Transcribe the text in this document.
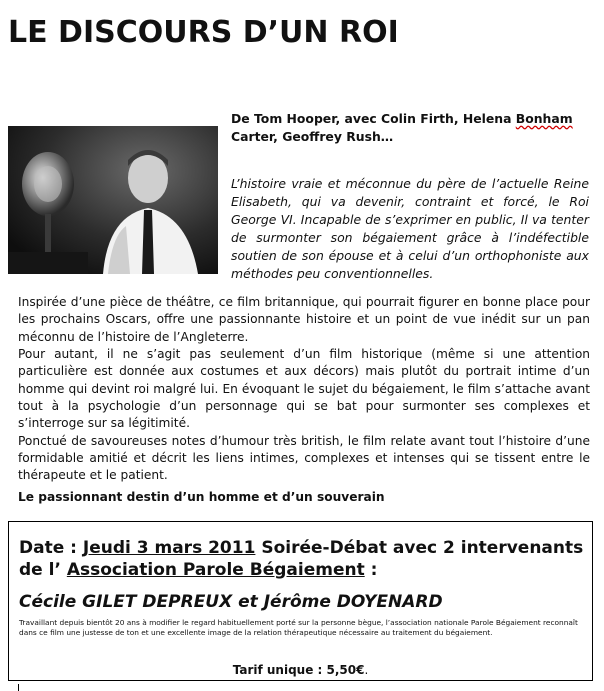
LE DISCOURS D’UN ROI
De Tom Hooper, avec Colin Firth, Helena Bonham Carter, Geoffrey Rush…
L’histoire vraie et méconnue du père de l’actuelle Reine Elisabeth, qui va devenir, contraint et forcé, le Roi George VI. Incapable de s’exprimer en public, Il va tenter de surmonter son bégaiement grâce à l’indéfectible soutien de son épouse et à celui d’un orthophoniste aux méthodes peu conventionnelles.

Inspirée d’une pièce de théâtre, ce film britannique, qui pourrait figurer en bonne place pour les prochains Oscars, offre une passionnante histoire et un point de vue inédit sur un pan méconnu de l’histoire de l’Angleterre.

Pour autant, il ne s’agit pas seulement d’un film historique (même si une attention particulière est donnée aux costumes et aux décors) mais plutôt du portrait intime d’un homme qui devint roi malgré lui. En évoquant le sujet du bégaiement, le film s’attache avant tout à la psychologie d’un personnage qui se bat pour surmonter ses complexes et s’interroge sur sa légitimité.

Ponctué de savoureuses notes d’humour très british, le film relate avant tout l’histoire d’une formidable amitié et décrit les liens intimes, complexes et intenses qui se tissent entre le thérapeute et le patient.

Le passionnant destin d’un homme et d’un souverain
Date : Jeudi 3 mars 2011 Soirée-Débat avec 2 intervenants
de l’ Association Parole Bégaiement :
Cécile GILET DEPREUX et Jérôme DOYENARD
Travaillant depuis bientôt 20 ans à modifier le regard habituellement porté sur la personne bègue, l’association nationale Parole Bégaiement reconnaît dans ce film une justesse de ton et une excellente image de la relation thérapeutique nécessaire au traitement du bégaiement.
Tarif unique : 5,50€.
